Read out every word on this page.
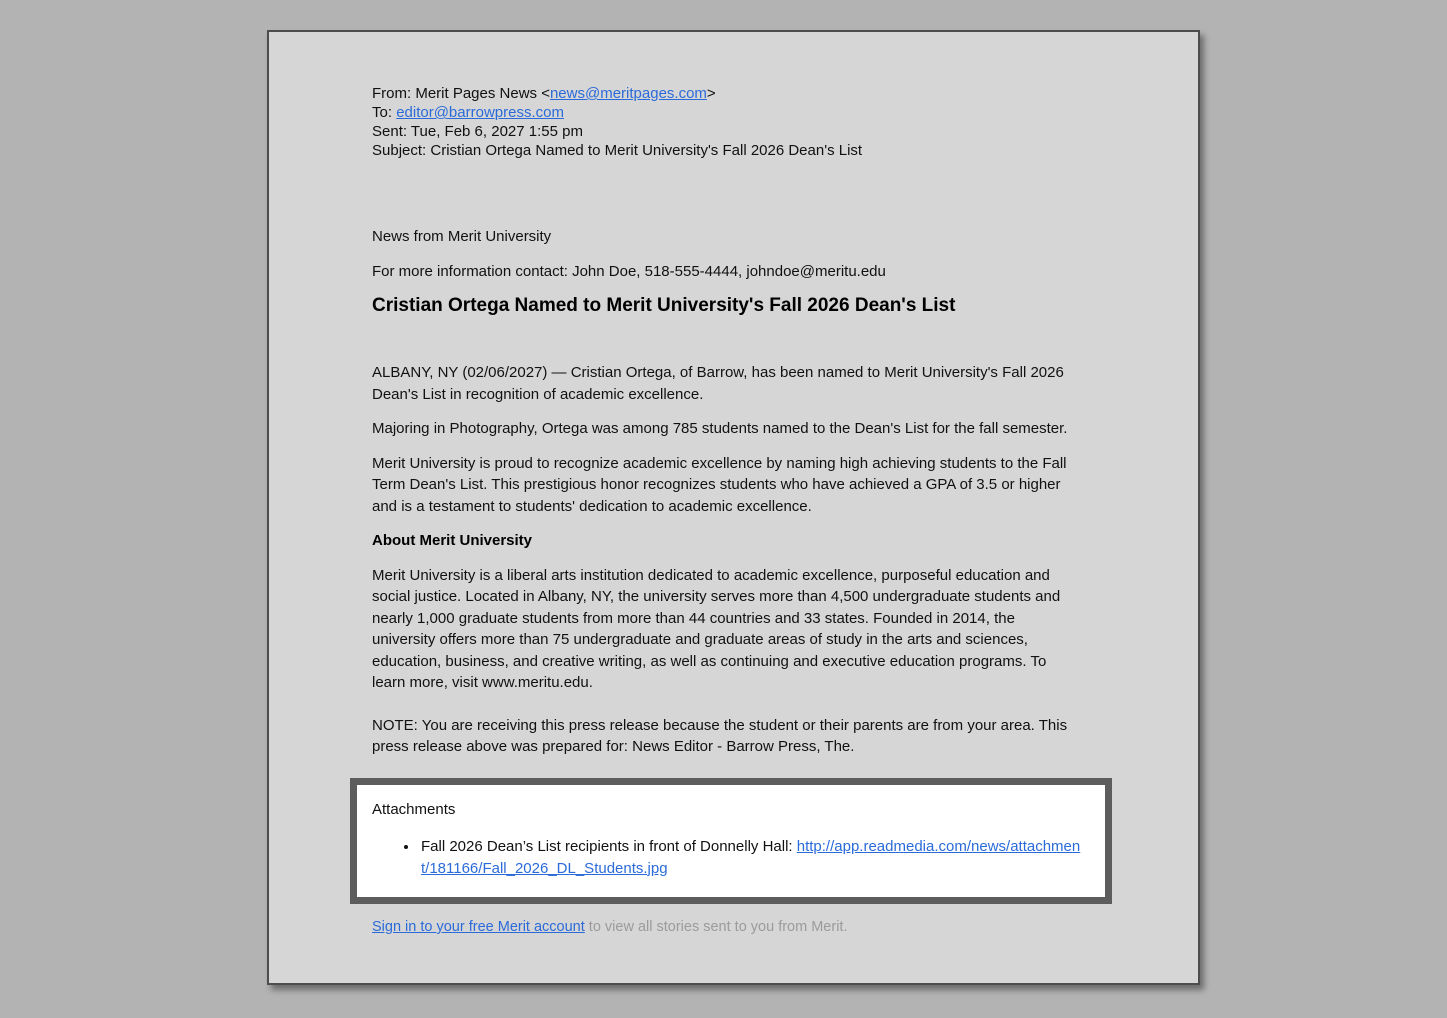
From: Merit Pages News <news@meritpages.com>
To: editor@barrowpress.com
Sent: Tue, Feb 6, 2027 1:55 pm
Subject: Cristian Ortega Named to Merit University's Fall 2026 Dean's List

News from Merit University

For more information contact: John Doe, 518-555-4444, johndoe@meritu.edu

Cristian Ortega Named to Merit University's Fall 2026 Dean's List

ALBANY, NY (02/06/2027) — Cristian Ortega, of Barrow, has been named to Merit University's Fall 2026 Dean's List in recognition of academic excellence.

Majoring in Photography, Ortega was among 785 students named to the Dean's List for the fall semester.

Merit University is proud to recognize academic excellence by naming high achieving students to the Fall Term Dean's List. This prestigious honor recognizes students who have achieved a GPA of 3.5 or higher and is a testament to students' dedication to academic excellence.

About Merit University

Merit University is a liberal arts institution dedicated to academic excellence, purposeful education and social justice. Located in Albany, NY, the university serves more than 4,500 undergraduate students and nearly 1,000 graduate students from more than 44 countries and 33 states. Founded in 2014, the university offers more than 75 undergraduate and graduate areas of study in the arts and sciences, education, business, and creative writing, as well as continuing and executive education programs. To learn more, visit www.meritu.edu.

NOTE: You are receiving this press release because the student or their parents are from your area. This press release above was prepared for: News Editor - Barrow Press, The.

Attachments

• Fall 2026 Dean’s List recipients in front of Donnelly Hall: http://app.readmedia.com/news/attachment/181166/Fall_2026_DL_Students.jpg
Sign in to your free Merit account to view all stories sent to you from Merit.
